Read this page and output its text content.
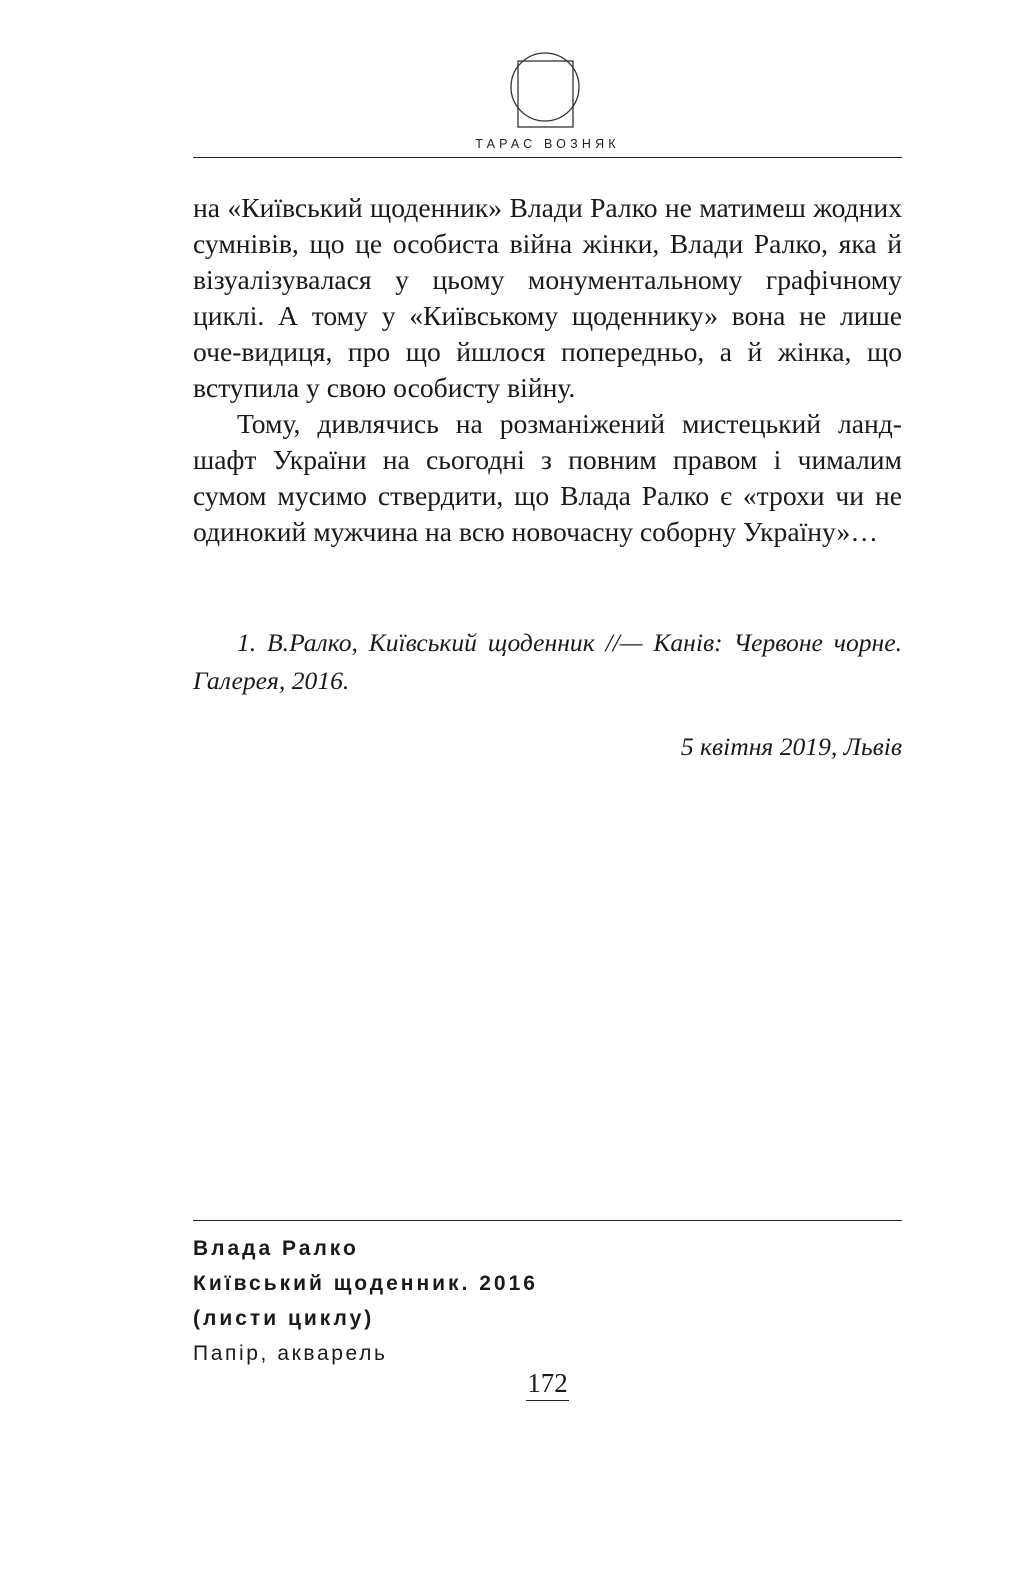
ТАРАС ВОЗНЯК

на «Київський щоденник» Влади Ралко не матимеш жодних сумнівів, що це особиста війна жінки, Влади Ралко, яка й візуалізувалася у цьому монументальному графічному циклі. А тому у «Київському щоденнику» вона не лише оче-видиця, про що йшлося попередньо, а й жінка, що вступила у свою особисту війну.

Тому, дивлячись на розманіжений мистецький ландшафт України на сьогодні з повним правом і чималим сумом мусимо ствердити, що Влада Ралко є «трохи чи не одинокий мужчина на всю новочасну соборну Україну»…

1. В.Ралко, Київський щоденник //— Канів: Червоне чорне. Галерея, 2016.
5 квітня 2019, Львів
172
Влада Ралко
Київський щоденник. 2016
(листи циклу)
Папір, акварель
